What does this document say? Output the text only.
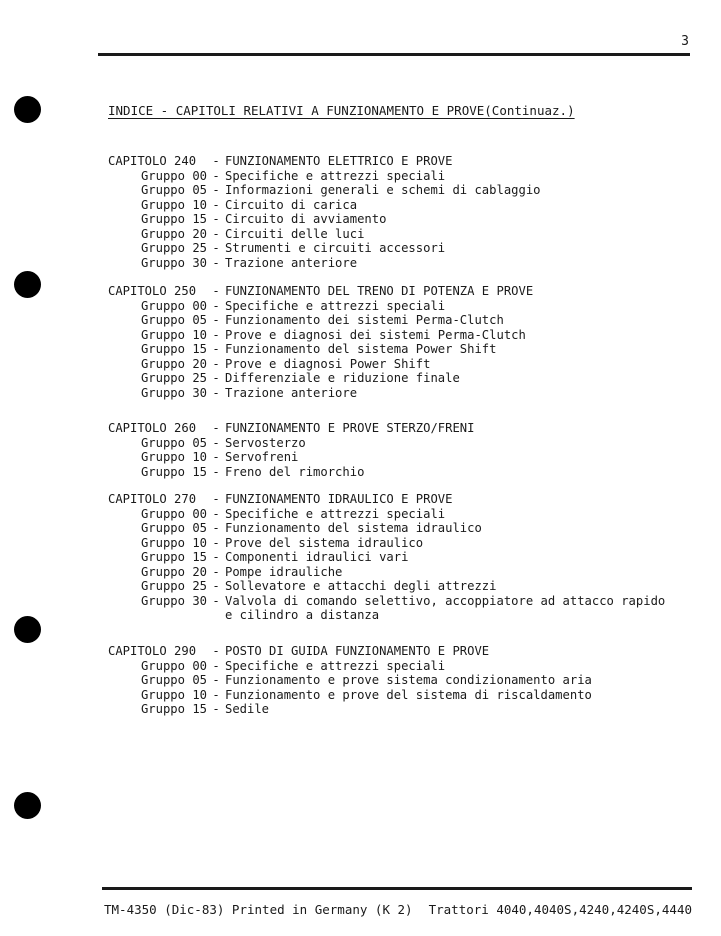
3
INDICE - CAPITOLI RELATIVI A FUNZIONAMENTO E PROVE(Continuaz.)
CAPITOLO 240	- FUNZIONAMENTO ELETTRICO E PROVE
Gruppo 00 - Specifiche e attrezzi speciali
Gruppo 05 - Informazioni generali e schemi di cablaggio
Gruppo 10 - Circuito di carica
Gruppo 15 - Circuito di avviamento
Gruppo 20 - Circuiti delle luci
Gruppo 25 - Strumenti e circuiti accessori
Gruppo 30 - Trazione anteriore
CAPITOLO 250	- FUNZIONAMENTO DEL TRENO DI POTENZA E PROVE
Gruppo 00 - Specifiche e attrezzi speciali
Gruppo 05 - Funzionamento dei sistemi Perma-Clutch
Gruppo 10 - Prove e diagnosi dei sistemi Perma-Clutch
Gruppo 15 - Funzionamento del sistema Power Shift
Gruppo 20 - Prove e diagnosi Power Shift
Gruppo 25 - Differenziale e riduzione finale
Gruppo 30 - Trazione anteriore
CAPITOLO 260	- FUNZIONAMENTO E PROVE STERZO/FRENI
Gruppo 05 - Servosterzo
Gruppo 10 - Servofreni
Gruppo 15 - Freno del rimorchio
CAPITOLO 270	- FUNZIONAMENTO IDRAULICO E PROVE
Gruppo 00 - Specifiche e attrezzi speciali
Gruppo 05 - Funzionamento del sistema idraulico
Gruppo 10 - Prove del sistema idraulico
Gruppo 15 - Componenti idraulici vari
Gruppo 20 - Pompe idrauliche
Gruppo 25 - Sollevatore e attacchi degli attrezzi
Gruppo 30 - Valvola di comando selettivo, accoppiatore ad attacco rapido
e cilindro a distanza
CAPITOLO 290	- POSTO DI GUIDA FUNZIONAMENTO E PROVE
Gruppo 00 - Specifiche e attrezzi speciali
Gruppo 05 - Funzionamento e prove sistema condizionamento aria
Gruppo 10 - Funzionamento e prove del sistema di riscaldamento
Gruppo 15 - Sedile
TM-4350 (Dic-83) Printed in Germany (K 2) Trattori 4040,4040S,4240,4240S,4440
